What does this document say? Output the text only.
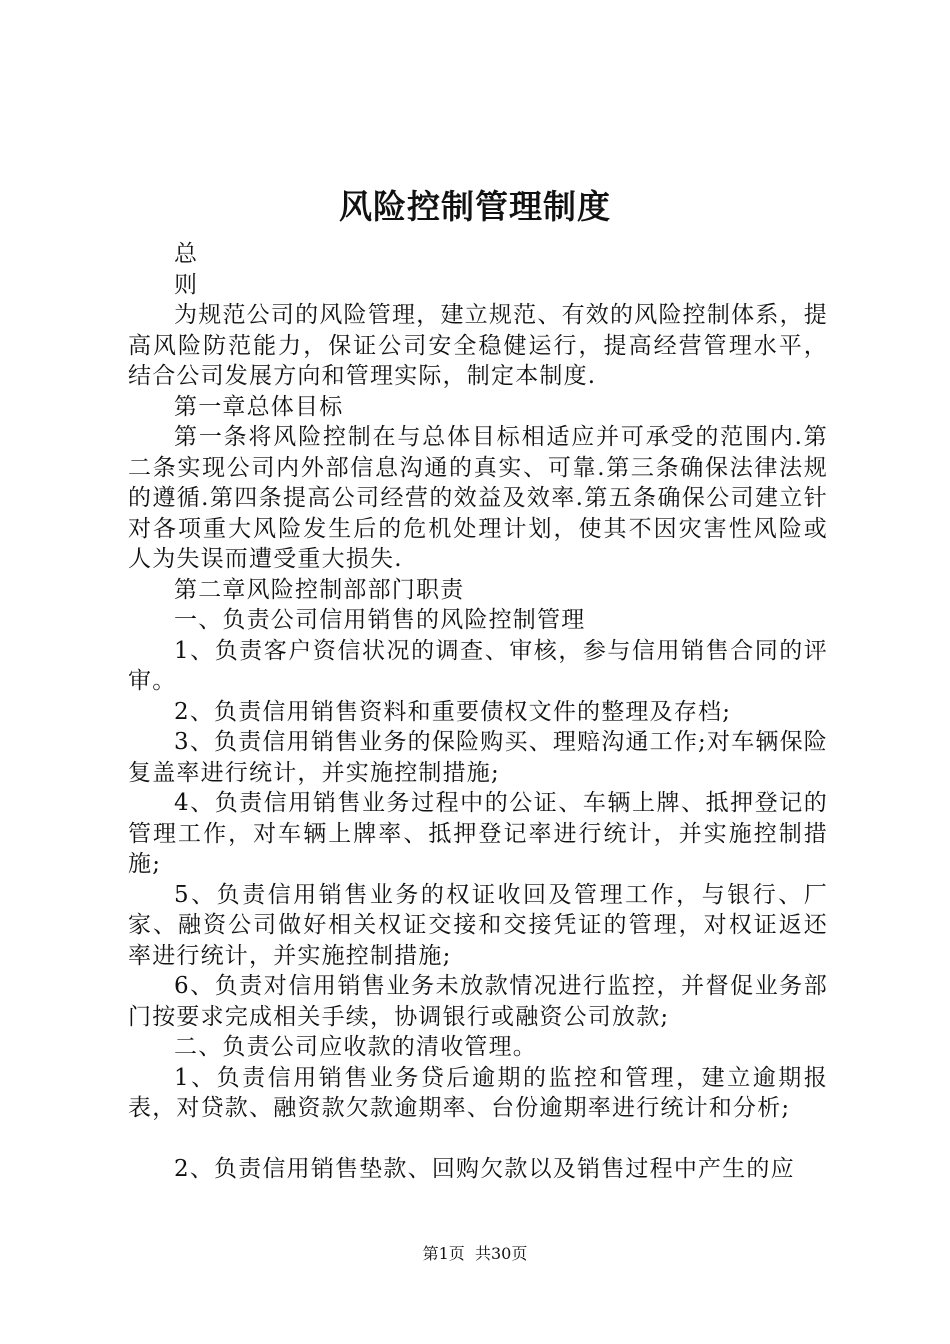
风险控制管理制度

总

则

为规范公司的风险管理，建立规范、有效的风险控制体系，提高风险防范能力，保证公司安全稳健运行，提高经营管理水平，结合公司发展方向和管理实际，制定本制度.

第一章总体目标

第一条将风险控制在与总体目标相适应并可承受的范围内.第二条实现公司内外部信息沟通的真实、可靠.第三条确保法律法规的遵循.第四条提高公司经营的效益及效率.第五条确保公司建立针对各项重大风险发生后的危机处理计划，使其不因灾害性风险或人为失误而遭受重大损失.

第二章风险控制部部门职责

一、负责公司信用销售的风险控制管理

1、负责客户资信状况的调查、审核，参与信用销售合同的评审。

2、负责信用销售资料和重要债权文件的整理及存档;

3、负责信用销售业务的保险购买、理赔沟通工作;对车辆保险复盖率进行统计，并实施控制措施;

4、负责信用销售业务过程中的公证、车辆上牌、抵押登记的管理工作，对车辆上牌率、抵押登记率进行统计，并实施控制措施;

5、负责信用销售业务的权证收回及管理工作，与银行、厂家、融资公司做好相关权证交接和交接凭证的管理，对权证返还率进行统计，并实施控制措施;

6、负责对信用销售业务未放款情况进行监控，并督促业务部门按要求完成相关手续，协调银行或融资公司放款;

二、负责公司应收款的清收管理。

1、负责信用销售业务贷后逾期的监控和管理，建立逾期报表，对贷款、融资款欠款逾期率、台份逾期率进行统计和分析;

2、负责信用销售垫款、回购欠款以及销售过程中产生的应

第1页 共30页
